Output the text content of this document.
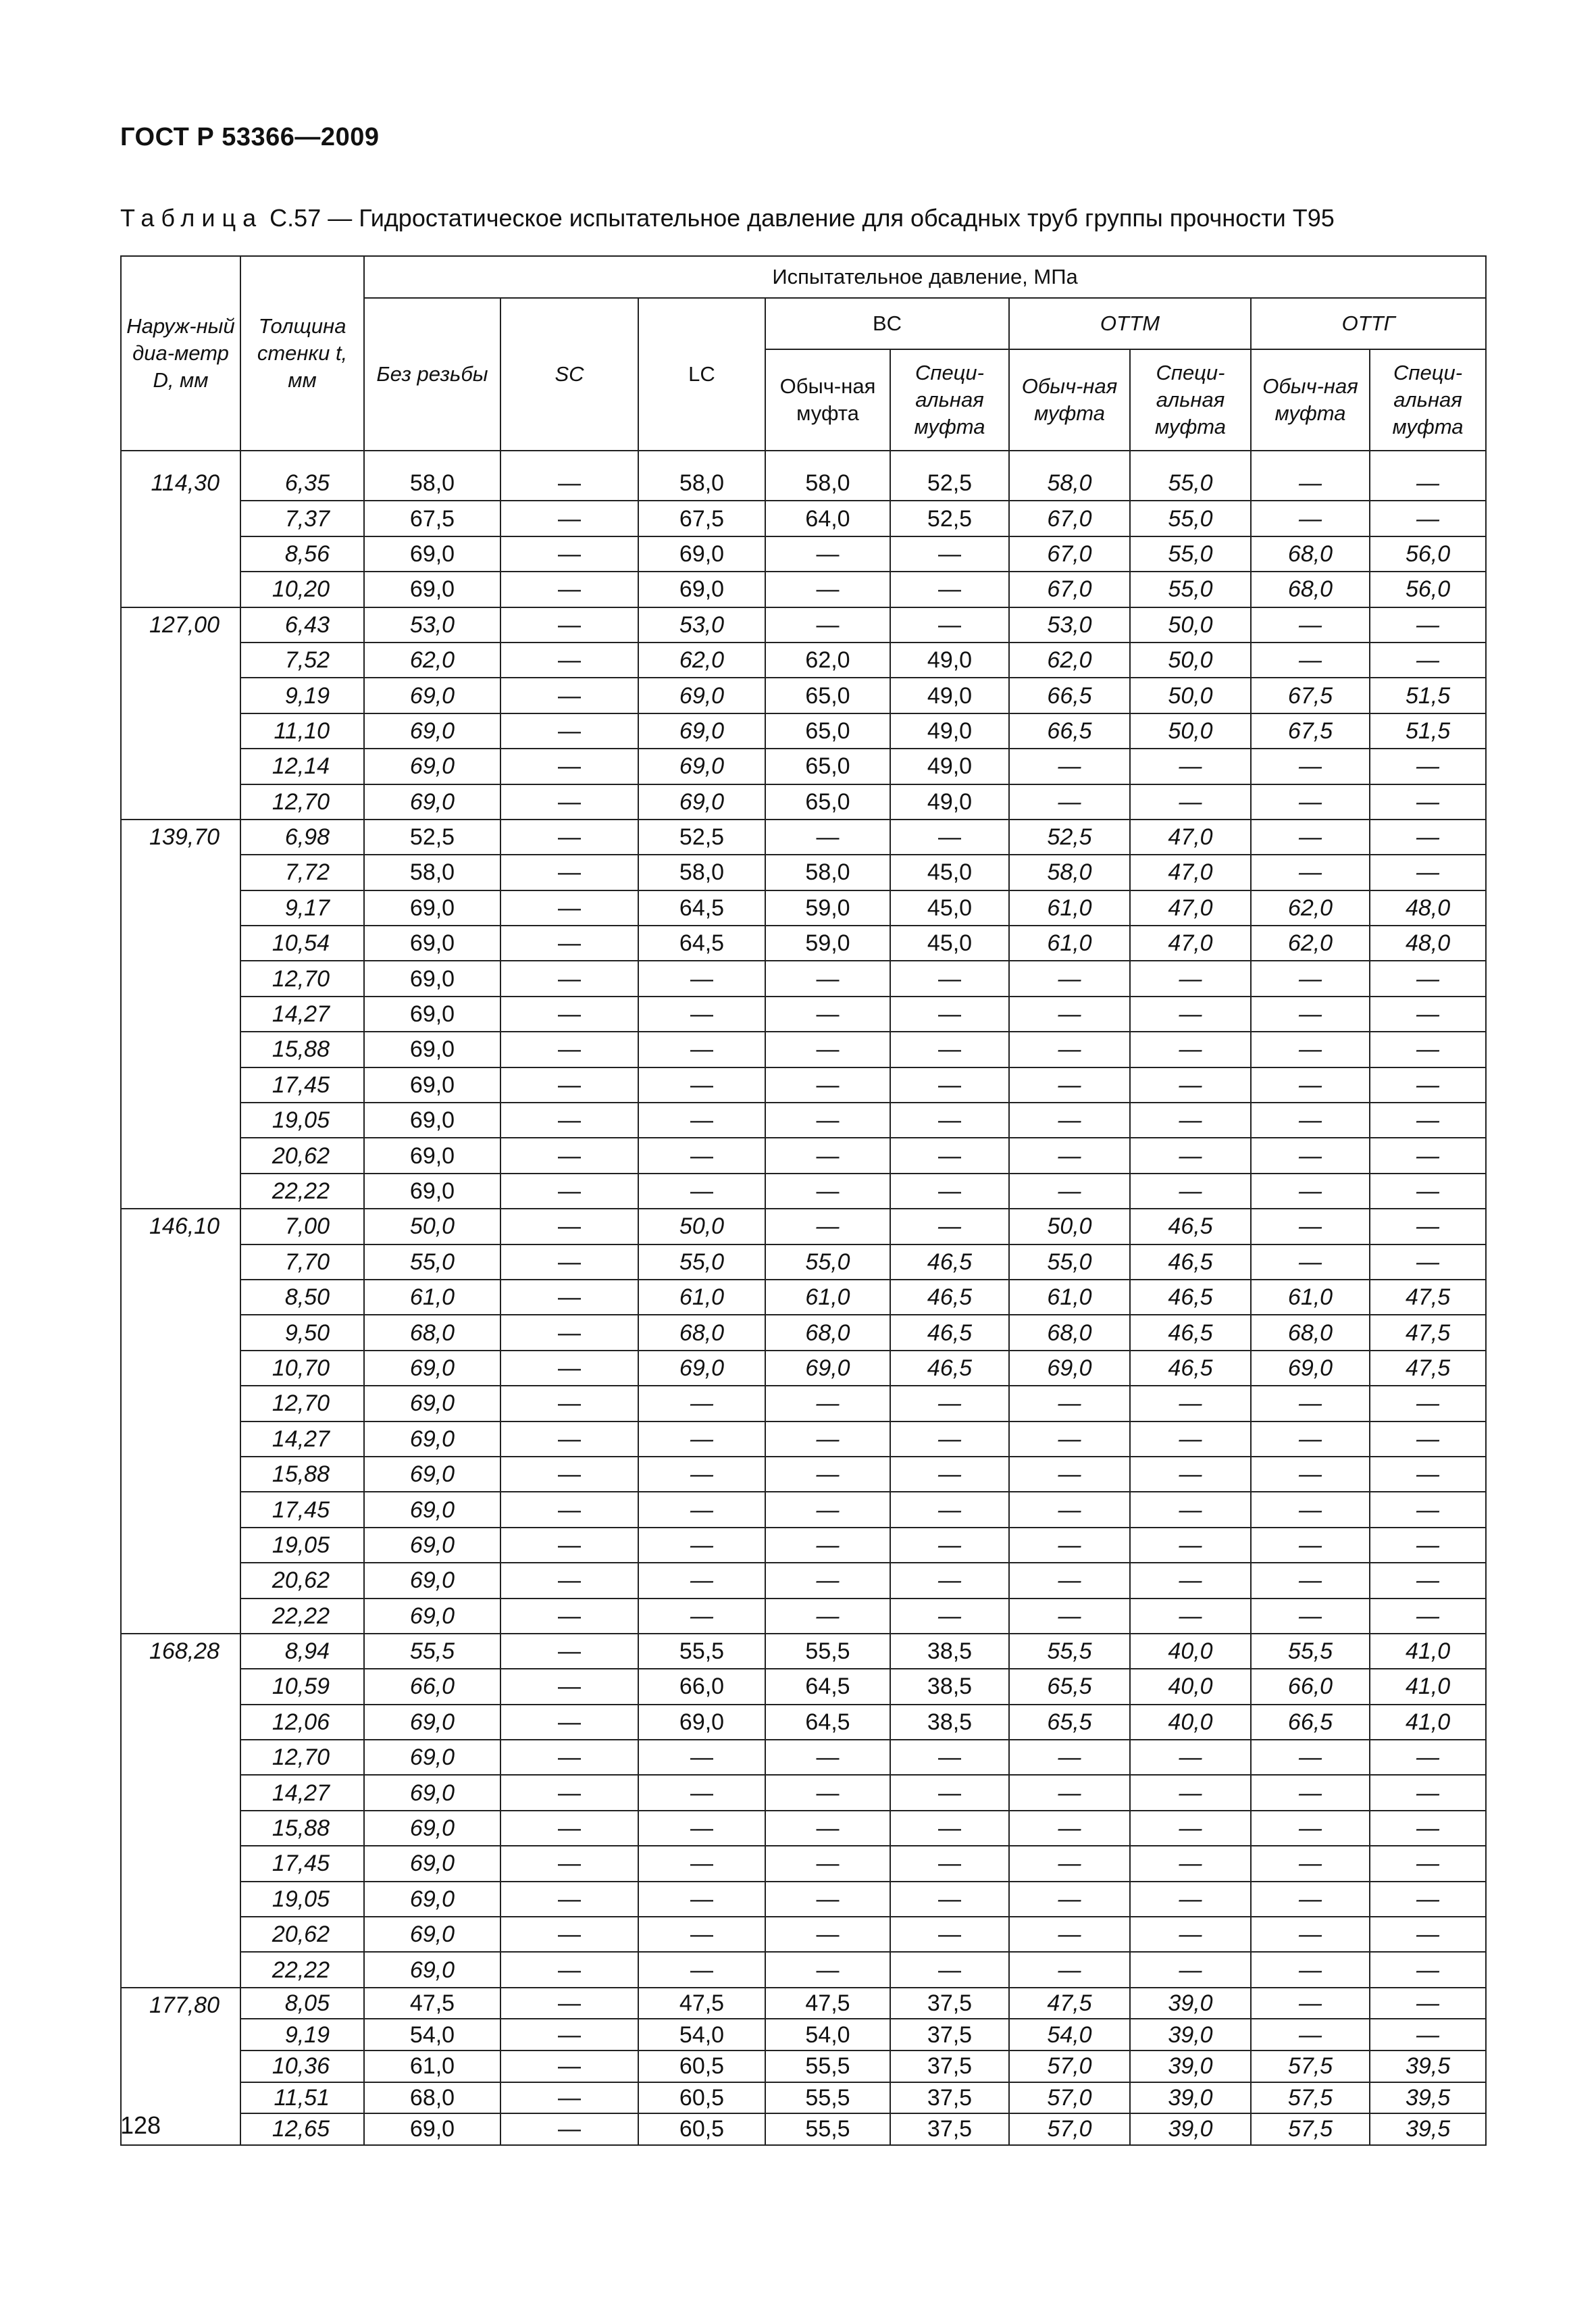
ГОСТ Р 53366—2009
Таблица C.57 — Гидростатическое испытательное давление для обсадных труб группы прочности T95
Наруж-ный диа-метр D, мм	Толщина стенки t, мм	Испытательное давление, МПа								
		Без резьбы	SC	LC	BC		ОТТМ		ОТТГ	
					Обыч-ная муфта	Специ-альная муфта	Обыч-ная муфта	Специ-альная муфта	Обыч-ная муфта	Специ-альная муфта

114,30	6,35	58,0	—	58,0	58,0	52,5	58,0	55,0	—	—
	7,37	67,5	—	67,5	64,0	52,5	67,0	55,0	—	—
	8,56	69,0	—	69,0	—	—	67,0	55,0	68,0	56,0
	10,20	69,0	—	69,0	—	—	67,0	55,0	68,0	56,0
127,00	6,43	53,0	—	53,0	—	—	53,0	50,0	—	—
	7,52	62,0	—	62,0	62,0	49,0	62,0	50,0	—	—
	9,19	69,0	—	69,0	65,0	49,0	66,5	50,0	67,5	51,5
	11,10	69,0	—	69,0	65,0	49,0	66,5	50,0	67,5	51,5
	12,14	69,0	—	69,0	65,0	49,0	—	—	—	—
	12,70	69,0	—	69,0	65,0	49,0	—	—	—	—
139,70	6,98	52,5	—	52,5	—	—	52,5	47,0	—	—
	7,72	58,0	—	58,0	58,0	45,0	58,0	47,0	—	—
	9,17	69,0	—	64,5	59,0	45,0	61,0	47,0	62,0	48,0
	10,54	69,0	—	64,5	59,0	45,0	61,0	47,0	62,0	48,0
	12,70	69,0	—	—	—	—	—	—	—	—
	14,27	69,0	—	—	—	—	—	—	—	—
	15,88	69,0	—	—	—	—	—	—	—	—
	17,45	69,0	—	—	—	—	—	—	—	—
	19,05	69,0	—	—	—	—	—	—	—	—
	20,62	69,0	—	—	—	—	—	—	—	—
	22,22	69,0	—	—	—	—	—	—	—	—
146,10	7,00	50,0	—	50,0	—	—	50,0	46,5	—	—
	7,70	55,0	—	55,0	55,0	46,5	55,0	46,5	—	—
	8,50	61,0	—	61,0	61,0	46,5	61,0	46,5	61,0	47,5
	9,50	68,0	—	68,0	68,0	46,5	68,0	46,5	68,0	47,5
	10,70	69,0	—	69,0	69,0	46,5	69,0	46,5	69,0	47,5
	12,70	69,0	—	—	—	—	—	—	—	—
	14,27	69,0	—	—	—	—	—	—	—	—
	15,88	69,0	—	—	—	—	—	—	—	—
	17,45	69,0	—	—	—	—	—	—	—	—
	19,05	69,0	—	—	—	—	—	—	—	—
	20,62	69,0	—	—	—	—	—	—	—	—
	22,22	69,0	—	—	—	—	—	—	—	—
168,28	8,94	55,5	—	55,5	55,5	38,5	55,5	40,0	55,5	41,0
	10,59	66,0	—	66,0	64,5	38,5	65,5	40,0	66,0	41,0
	12,06	69,0	—	69,0	64,5	38,5	65,5	40,0	66,5	41,0
	12,70	69,0	—	—	—	—	—	—	—	—
	14,27	69,0	—	—	—	—	—	—	—	—
	15,88	69,0	—	—	—	—	—	—	—	—
	17,45	69,0	—	—	—	—	—	—	—	—
	19,05	69,0	—	—	—	—	—	—	—	—
	20,62	69,0	—	—	—	—	—	—	—	—
	22,22	69,0	—	—	—	—	—	—	—	—
177,80	8,05	47,5	—	47,5	47,5	37,5	47,5	39,0	—	—
	9,19	54,0	—	54,0	54,0	37,5	54,0	39,0	—	—
	10,36	61,0	—	60,5	55,5	37,5	57,0	39,0	57,5	39,5
	11,51	68,0	—	60,5	55,5	37,5	57,0	39,0	57,5	39,5
	12,65	69,0	—	60,5	55,5	37,5	57,0	39,0	57,5	39,5
128
